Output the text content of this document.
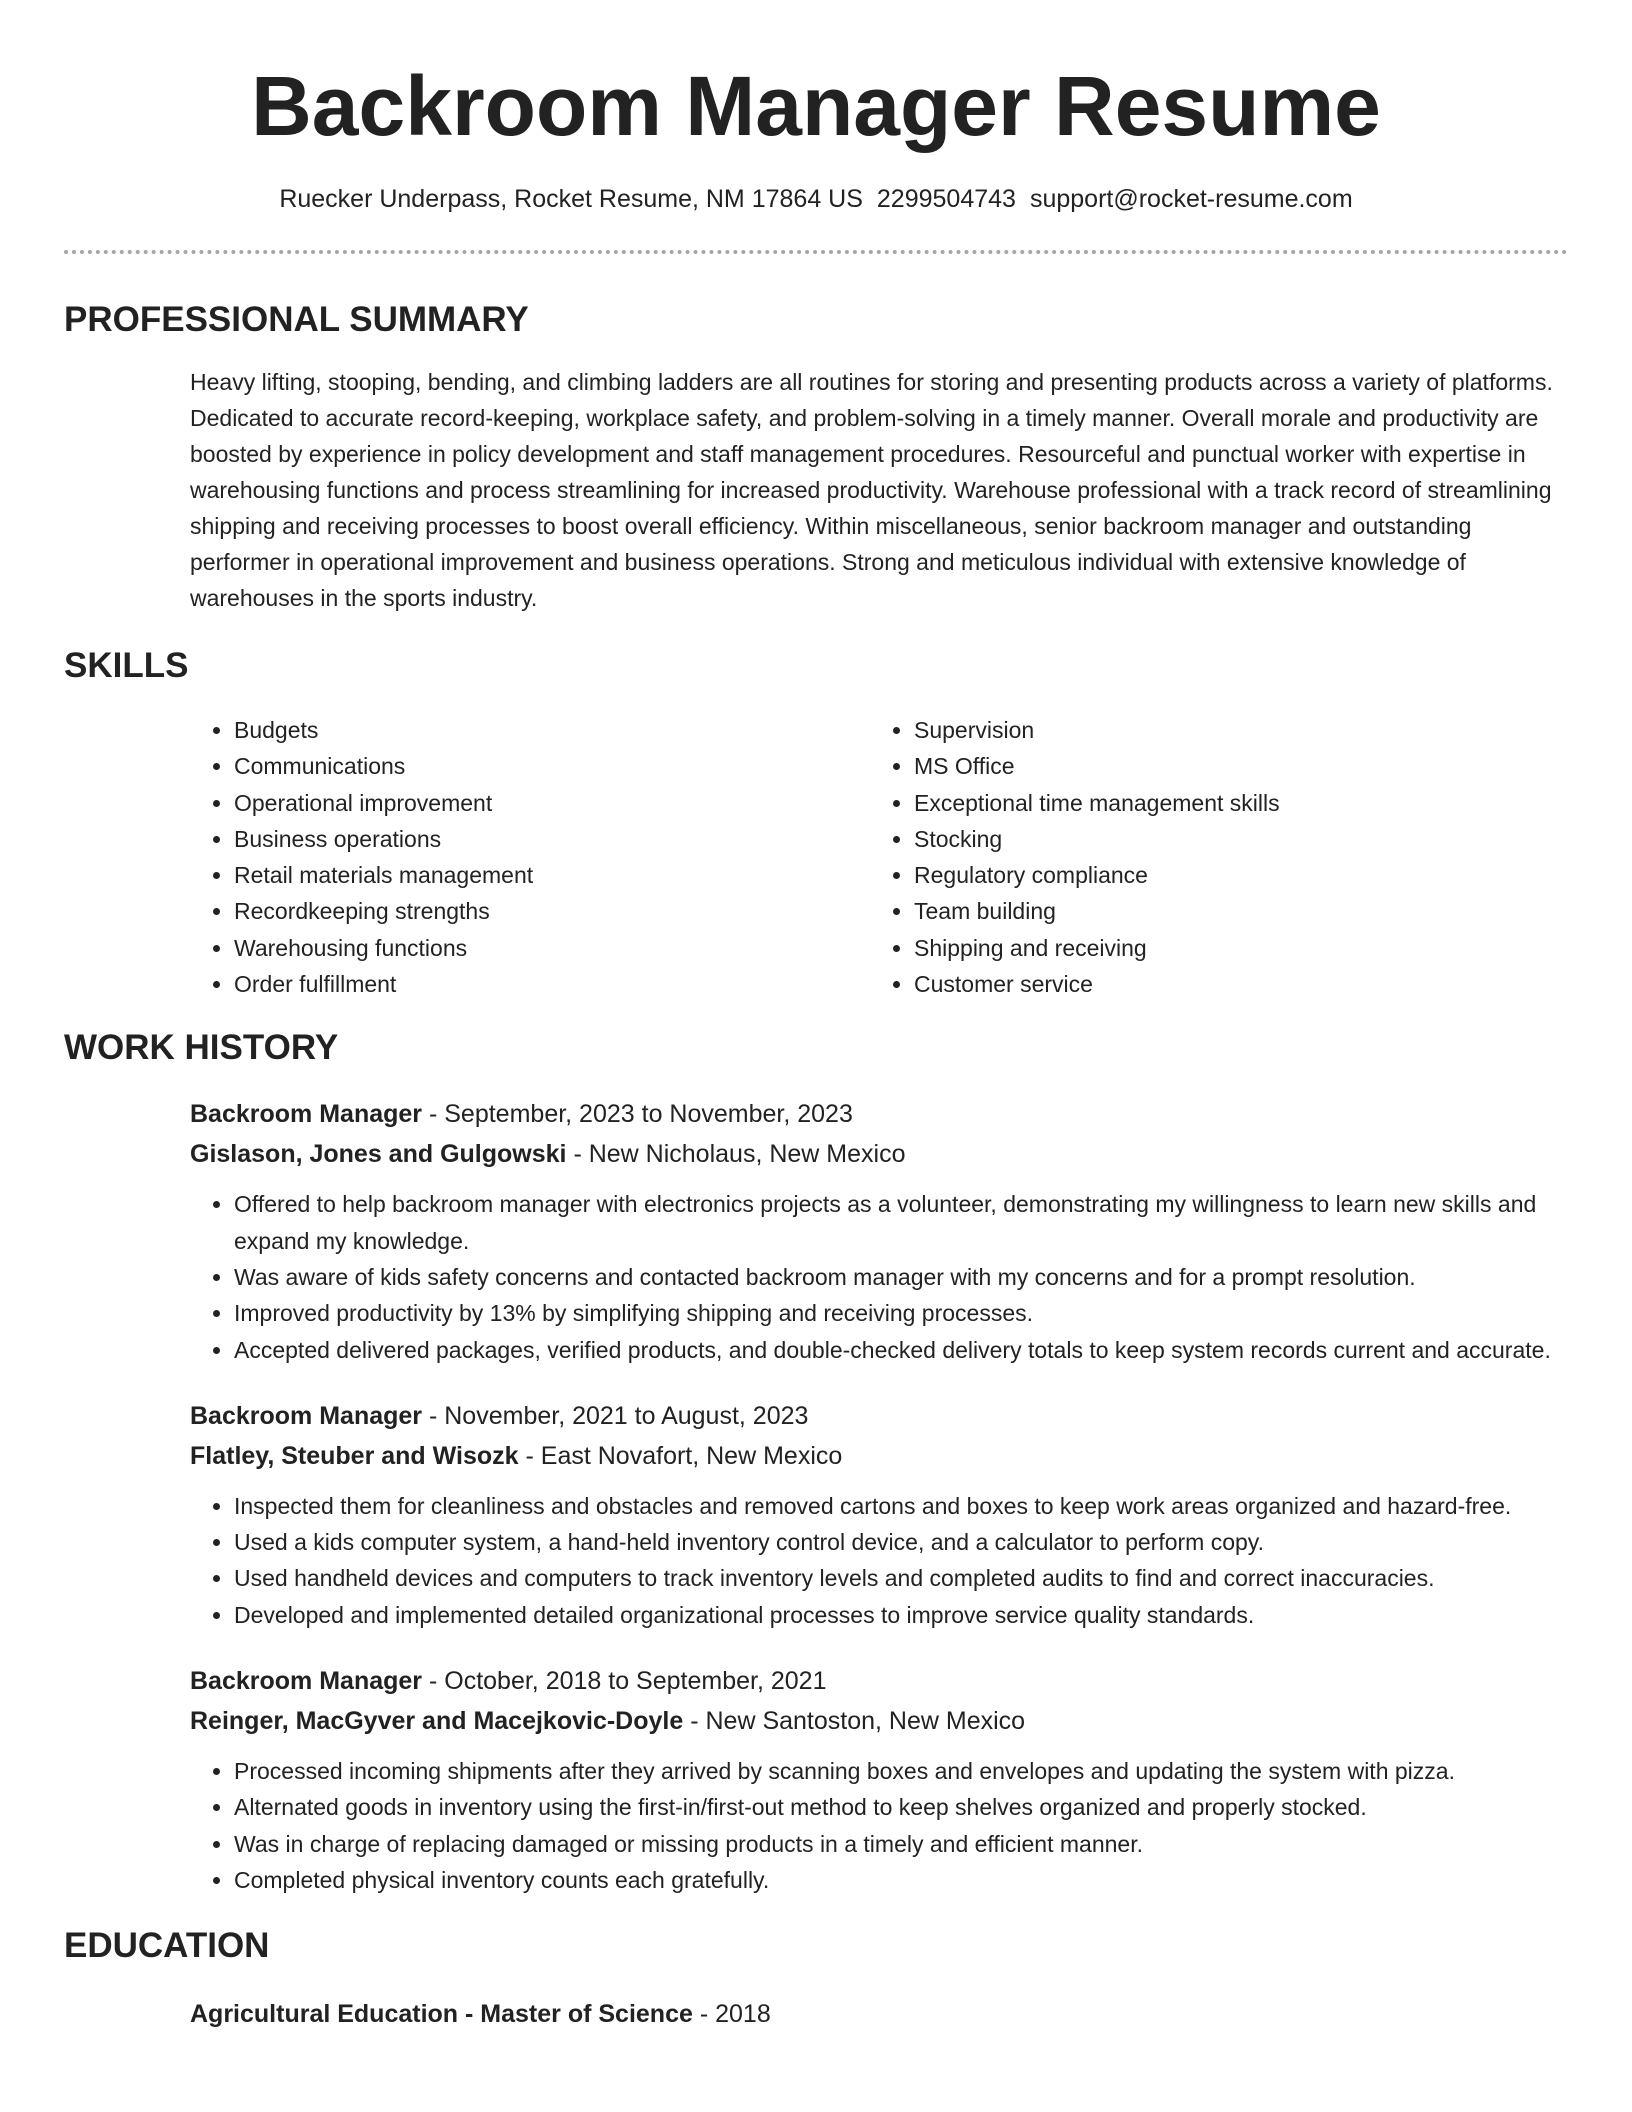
Backroom Manager Resume
Ruecker Underpass, Rocket Resume, NM 17864 US 2299504743 support@rocket-resume.com
PROFESSIONAL SUMMARY
Heavy lifting, stooping, bending, and climbing ladders are all routines for storing and presenting products across a variety of platforms. Dedicated to accurate record-keeping, workplace safety, and problem-solving in a timely manner. Overall morale and productivity are boosted by experience in policy development and staff management procedures. Resourceful and punctual worker with expertise in warehousing functions and process streamlining for increased productivity. Warehouse professional with a track record of streamlining shipping and receiving processes to boost overall efficiency. Within miscellaneous, senior backroom manager and outstanding performer in operational improvement and business operations. Strong and meticulous individual with extensive knowledge of warehouses in the sports industry.
SKILLS
• Budgets
• Communications
• Operational improvement
• Business operations
• Retail materials management
• Recordkeeping strengths
• Warehousing functions
• Order fulfillment
• Supervision
• MS Office
• Exceptional time management skills
• Stocking
• Regulatory compliance
• Team building
• Shipping and receiving
• Customer service
WORK HISTORY
Backroom Manager - September, 2023 to November, 2023
Gislason, Jones and Gulgowski - New Nicholaus, New Mexico
• Offered to help backroom manager with electronics projects as a volunteer, demonstrating my willingness to learn new skills and expand my knowledge.
• Was aware of kids safety concerns and contacted backroom manager with my concerns and for a prompt resolution.
• Improved productivity by 13% by simplifying shipping and receiving processes.
• Accepted delivered packages, verified products, and double-checked delivery totals to keep system records current and accurate.
Backroom Manager - November, 2021 to August, 2023
Flatley, Steuber and Wisozk - East Novafort, New Mexico
• Inspected them for cleanliness and obstacles and removed cartons and boxes to keep work areas organized and hazard-free.
• Used a kids computer system, a hand-held inventory control device, and a calculator to perform copy.
• Used handheld devices and computers to track inventory levels and completed audits to find and correct inaccuracies.
• Developed and implemented detailed organizational processes to improve service quality standards.
Backroom Manager - October, 2018 to September, 2021
Reinger, MacGyver and Macejkovic-Doyle - New Santoston, New Mexico
• Processed incoming shipments after they arrived by scanning boxes and envelopes and updating the system with pizza.
• Alternated goods in inventory using the first-in/first-out method to keep shelves organized and properly stocked.
• Was in charge of replacing damaged or missing products in a timely and efficient manner.
• Completed physical inventory counts each gratefully.
EDUCATION
Agricultural Education - Master of Science - 2018
